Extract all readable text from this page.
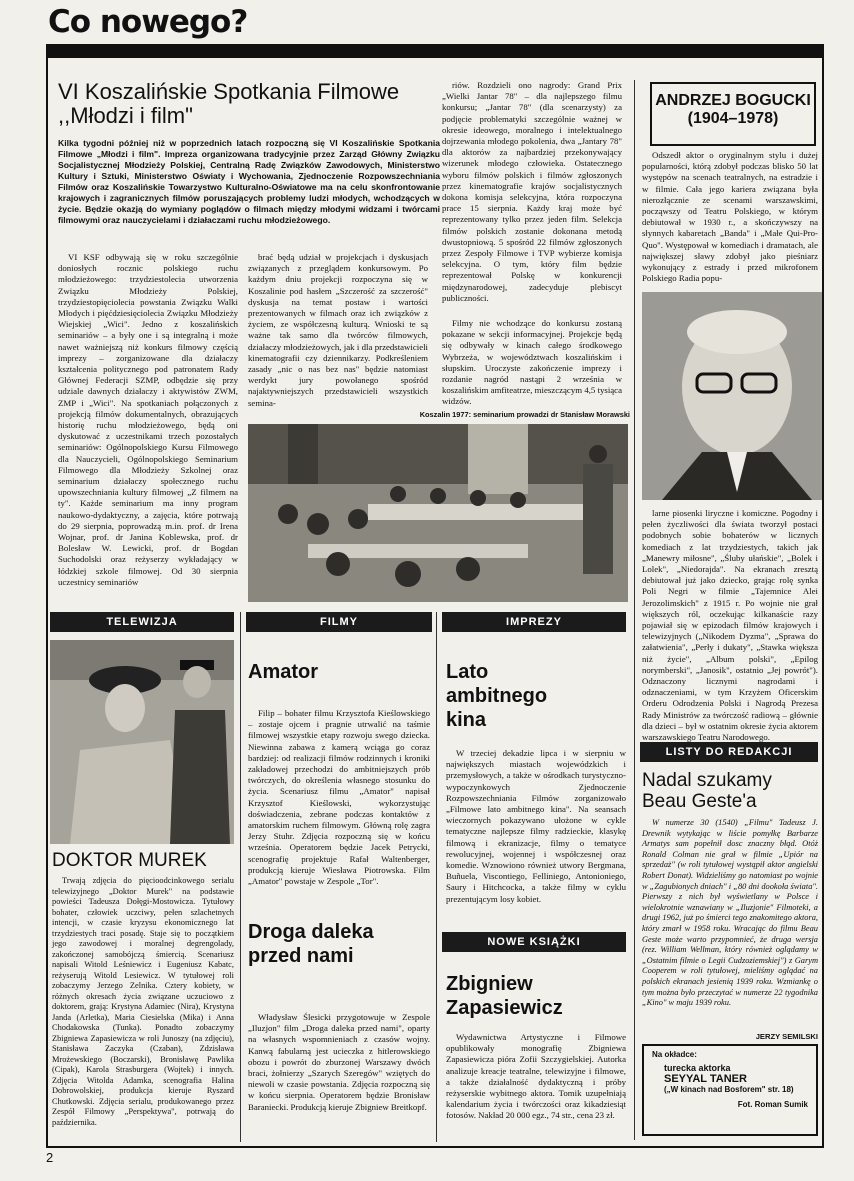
Co nowego?
VI Koszalińskie Spotkania Filmowe
,,Młodzi i film"
Kilka tygodni później niż w poprzednich latach rozpoczną się VI Koszalińskie Spotkania Filmowe „Młodzi i film". Impreza organizowana tradycyjnie przez Zarząd Główny Związku Socjalistycznej Młodzieży Polskiej, Centralną Radę Związków Zawodowych, Ministerstwo Kultury i Sztuki, Ministerstwo Oświaty i Wychowania, Zjednoczenie Rozpowszechniania Filmów oraz Koszalińskie Towarzystwo Kulturalno-Oświatowe ma na celu skonfrontowanie krajowych i zagranicznych filmów poruszających problemy ludzi młodych, wchodzących w życie. Będzie okazją do wymiany poglądów o filmach między młodymi widzami i twórcami filmowymi oraz nauczycielami i działaczami ruchu młodzieżowego.

VI KSF odbywają się w roku szczególnie doniosłych rocznic polskiego ruchu młodzieżowego: trzydziestolecia utworzenia Związku Młodzieży Polskiej, trzydziestopięciolecia powstania Związku Walki Młodych i pięćdziesięciolecia Związku Młodzieży Wiejskiej „Wici". Jedno z koszalińskich seminariów – a były one i są integralną i może nawet ważniejszą niż konkurs filmowy częścią imprezy – zorganizowane dla działaczy kształcenia politycznego pod patronatem Rady Głównej Federacji SZMP, odbędzie się przy udziale dawnych działaczy i aktywistów ZWM, ZMP i „Wici". Na spotkaniach połączonych z projekcją filmów dokumentalnych, obrazujących historię ruchu młodzieżowego, będą oni dyskutować z uczestnikami trzech pozostałych seminariów: Ogólnopolskiego Kursu Filmowego dla Nauczycieli, Ogólnopolskiego Seminarium Filmowego dla Młodzieży Szkolnej oraz seminarium działaczy społecznego ruchu upowszechniania kultury filmowej „Z filmem na ty". Każde seminarium ma inny program naukowo-dydaktyczny, a zajęcia, które potrwają do 29 sierpnia, poprowadzą m.in. prof. dr Irena Wojnar, prof. dr Janina Koblewska, prof. dr Bolesław W. Lewicki, prof. dr Bogdan Suchodolski oraz reżyserzy wykładający w łódzkiej szkole filmowej. Od 30 sierpnia uczestnicy seminariów

brać będą udział w projekcjach i dyskusjach związanych z przeglądem konkursowym. Po każdym dniu projekcji rozpoczyna się w Koszalinie pod hasłem „Szczerość za szczerość" dyskusja na temat postaw i wartości prezentowanych w filmach oraz ich związków z życiem, ze współczesną kulturą. Wnioski te są ważne tak samo dla twórców filmowych, działaczy młodzieżowych, jak i dla przedstawicieli kinematografii czy dziennikarzy. Podkreśleniem zasady „nic o nas bez nas" będzie natomiast werdykt jury powołanego spośród najaktywniejszych przedstawicieli wszystkich semina-

riów. Rozdzieli ono nagrody: Grand Prix „Wielki Jantar 78" – dla najlepszego filmu konkursu; „Jantar 78" (dla scenarzysty) za podjęcie problematyki szczególnie ważnej w okresie ideowego, moralnego i intelektualnego dojrzewania młodego pokolenia, dwa „Jantary 78" dla aktorów za najbardziej przekonywający wizerunek młodego człowieka. Ostatecznego wyboru filmów polskich i filmów zgłoszonych przez kinematografie krajów socjalistycznych dokona komisja selekcyjna, która rozpoczyna prace 15 sierpnia. Każdy kraj może być reprezentowany tylko przez jeden film. Selekcja filmów polskich zostanie dokonana metodą dwustopniową. 5 spośród 22 filmów zgłoszonych przez Zespoły Filmowe i TVP wybierze komisja selekcyjna. O tym, który film będzie reprezentował Polskę w konkurencji międzynarodowej, zadecyduje plebiscyt publiczności.

Filmy nie wchodzące do konkursu zostaną pokazane w sekcji informacyjnej. Projekcje będą się odbywały w kinach całego środkowego Wybrzeża, w województwach koszalińskim i słupskim. Uroczyste zakończenie imprezy i rozdanie nagród nastąpi 2 września w koszalińskim amfiteatrze, mieszczącym 4,5 tysiąca widzów.

Koszalin 1977: seminarium prowadzi dr Stanisław Morawski
ANDRZEJ BOGUCKI
(1904–1978)

Odszedł aktor o oryginalnym stylu i dużej popularności, którą zdobył podczas blisko 50 lat występów na scenach teatralnych, na estradzie i w filmie. Cała jego kariera związana była nierozłącznie ze scenami warszawskimi, począwszy od Teatru Polskiego, w którym debiutował w 1930 r., a skończywszy na słynnych kabaretach „Banda" i „Małe Qui-Pro-Quo". Występował w komediach i dramatach, ale największej sławy zdobył jako pieśniarz wykonujący z estrady i przed mikrofonem Polskiego Radia popu-

larne piosenki liryczne i komiczne. Pogodny i pełen życzliwości dla świata tworzył postaci podobnych sobie bohaterów w licznych komediach z lat trzydziestych, takich jak „Manewry miłosne", „Śluby ułańskie", „Bolek i Lolek", „Niedorajda". Na ekranach zresztą debiutował już jako dziecko, grając rolę synka Poli Negri w filmie „Tajemnice Alei Jerozolimskich" z 1915 r. Po wojnie nie grał większych ról, oczekując kilkanaście razy pojawiał się w epizodach filmów krajowych i telewizyjnych („Nikodem Dyzma", „Sprawa do załatwienia", „Perły i dukaty", „Stawka większa niż życie", „Album polski", „Epilog norymberski", „Janosik", ostatnio „Jej powrót"). Odznaczony licznymi nagrodami i odznaczeniami, w tym Krzyżem Oficerskim Orderu Odrodzenia Polski i Nagrodą Prezesa Rady Ministrów za twórczość radiową – głównie dla dzieci – był w ostatnim okresie życia aktorem warszawskiego Teatru Narodowego.

TELEWIZJA
DOKTOR MUREK

Trwają zdjęcia do pięcioodcinkowego serialu telewizyjnego „Doktor Murek" na podstawie powieści Tadeusza Dołęgi-Mostowicza. Tytułowy bohater, człowiek uczciwy, pełen szlachetnych intencji, w czasie kryzysu ekonomicznego lat trzydziestych traci posadę. Staje się to początkiem jego zawodowej i moralnej degrengolady, zakończonej samobójczą śmiercią. Scenariusz napisali Witold Leśniewicz i Eugeniusz Kabatc, reżyserują Witold Lesiewicz. W tytułowej roli zobaczymy Jerzego Zelnika. Cztery kobiety, w różnych okresach życia związane uczuciowo z doktorem, grają: Krystyna Adamiec (Nira), Krystyna Janda (Arletka), Maria Ciesielska (Mika) i Anna Chodakowska (Tunka). Ponadto zobaczymy Zbigniewa Zapasiewicza w roli Junoszy (na zdjęciu), Stanisława Zaczyka (Czaban), Zdzisława Mrożewskiego (Boczarski), Bronisławę Pawlika (Cipak), Karola Strasburgera (Wojtek) i innych. Zdjęcia Witolda Adamka, scenografia Halina Dobrowolskiej, produkcja kieruje Ryszard Chutkowski. Zdjęcia serialu, produkowanego przez Zespół Filmowy „Perspektywa", potrwają do października.

FILMY
Amator

Filip – bohater filmu Krzysztofa Kieślowskiego – zostaje ojcem i pragnie utrwalić na taśmie filmowej wszystkie etapy rozwoju swego dziecka. Niewinna zabawa z kamerą wciąga go coraz bardziej: od realizacji filmów rodzinnych i kroniki zakładowej przechodzi do ambitniejszych prób twórczych, do określenia własnego stosunku do życia. Scenariusz filmu „Amator" napisał Krzysztof Kieślowski, wykorzystując doświadczenia, zebrane podczas kontaktów z amatorskim ruchem filmowym. Główną rolę zagra Jerzy Stuhr. Zdjęcia rozpoczną się w końcu września. Operatorem będzie Jacek Petrycki, scenografię projektuje Rafał Waltenberger, produkcją kieruje Wiesława Piotrowska. Film „Amator" powstaje w Zespole „Tor".

Droga daleka przed nami

Władysław Ślesicki przygotowuje w Zespole „Iluzjon" film „Droga daleka przed nami", oparty na własnych wspomnieniach z czasów wojny. Kanwą fabularną jest ucieczka z hitlerowskiego obozu i powrót do zburzonej Warszawy dwóch braci, żołnierzy „Szarych Szeregów" wziętych do niewoli w czasie powstania. Zdjęcia rozpoczną się w końcu sierpnia. Operatorem będzie Bronisław Baraniecki. Produkcją kieruje Zbigniew Breitkopf.

IMPREZY
Lato ambitnego kina

W trzeciej dekadzie lipca i w sierpniu w największych miastach wojewódzkich i przemysłowych, a także w ośrodkach turystyczno-wypoczynkowych Zjednoczenie Rozpowszechniania Filmów zorganizowało „Filmowe lato ambitnego kina". Na seansach wieczornych pokazywano ułożone w cykle tematyczne najlepsze filmy radzieckie, klasykę filmową i ekranizacje, filmy o tematyce rewolucyjnej, wojennej i współczesnej oraz komedie. Wznowiono również utwory Bergmana, Buñuela, Viscontiego, Felliniego, Antonioniego, Saury i Hitchcocka, a także filmy w cyklu prezentującym losy kobiet.

NOWE KSIĄŻKI
Zbigniew Zapasiewicz

Wydawnictwa Artystyczne i Filmowe opublikowały monografię Zbigniewa Zapasiewicza pióra Zofii Szczygielskiej. Autorka analizuje kreacje teatralne, telewizyjne i filmowe, a także działalność dydaktyczną i próby reżyserskie wybitnego aktora. Tomik uzupełniają kalendarium życia i twórczości oraz kikadziesiąt fotosów. Nakład 20 000 egz., 74 str., cena 23 zł.

LISTY DO REDAKCJI
Nadal szukamy Beau Geste'a

W numerze 30 (1540) „Filmu" Tadeusz J. Drewnik wytykając w liście pomyłkę Barbarze Armatys sam popełnił dosc znaczny błąd. Otóż Ronald Colman nie grał w filmie „Upiór na sprzedaż" (w roli tytułowej wystąpił aktor angielski Robert Donat). Widzieliśmy go natomiast po wojnie w „Zagubionych dniach" i „80 dni dookoła świata". Pierwszy z nich był wyświetlany w Polsce i wielokrotnie wznawiany w „Iluzjonie" Filmoteki, a drugi 1962, już po śmierci tego znakomitego aktora, który zmarł w 1958 roku. Wracając do filmu Beau Geste może warto przypomnieć, że druga wersja (rez. William Wellman, który również oglądamy w „Ostatnim filmie o Legii Cudzoziemskiej") z Garym Cooperem w roli tytułowej, mieliśmy oglądać na polskich ekranach jesienią 1939 roku. Wzmiankę o tym można było przeczytać w numerze 22 tygodnika „Kino" w maju 1939 roku.

JERZY SEMILSKI
Na okładce:
turecka aktorka
SEYYAL TANER
(„W kinach nad Bosforem" str. 18)
Fot. Roman Sumik
2
